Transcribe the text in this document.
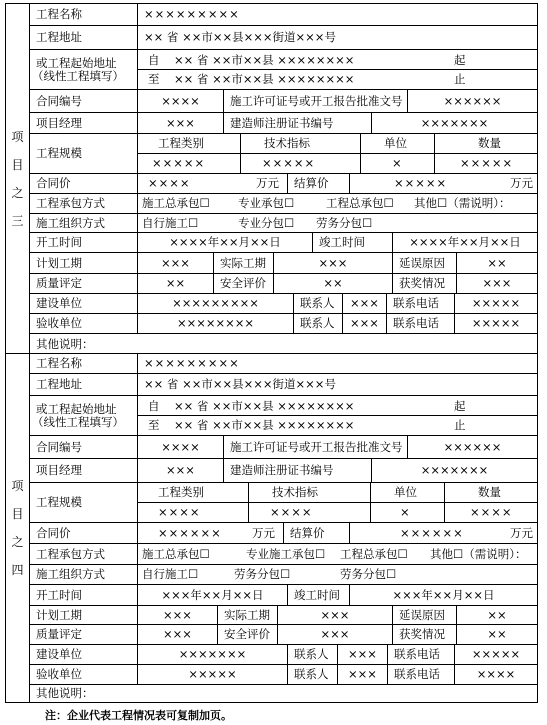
项
目
之
三
工程名称	×××××××××
工程地址	×× 省 ××市××县×××街道×××号
或工程起始地址
（线性工程填写）
自 ×× 省 ××市××县 ××××××××	起
至 ×× 省 ××市××县 ××××××××	止
合同编号	××××	施工许可证号或开工报告批准文号	××××××
项目经理	×××	建造师注册证书编号	×××××××
工程规模
工程类别	技术指标	单位	数量
×××××	×××××	×	×××××
合同价	××××	万元	结算价	×××××	万元
工程承包方式	施工总承包☐ 专业承包☐	工程总承包☐ 其他☐（需说明）：
施工组织方式	自行施工☐	专业分包☐ 劳务分包☐
开工时间	××××年××月××日	竣工时间	××××年××月××日
计划工期	×××	实际工期	×××	延误原因	××
质量评定	××	安全评价	××	获奖情况	×××
建设单位	×××××××××	联系人	×××	联系电话	×××××
验收单位	××××××××	联系人	×××	联系电话	×××××
其他说明：
项
目
之
四
工程名称	×××××××××
工程地址	×× 省 ××市××县×××街道×××号
或工程起始地址
（线性工程填写）
自 ×× 省 ××市××县 ××××××××	起
至 ×× 省 ××市××县 ××××××××	止
合同编号	××××	施工许可证号或开工报告批准文号	××××××
项目经理	×××	建造师注册证书编号	×××××××
工程规模
工程类别	技术指标	单位	数量
××××	××××	×	××××
合同价	××××××	万元	结算价	××××××	万元
工程承包方式	施工总承包☐	专业施工承包☐ 工程总承包☐ 其他☐（需说明）：
施工组织方式	自行施工☐	劳务分包☐	劳务分包☐
开工时间	×××年××月××日	竣工时间	×××年××月××日
计划工期	×××	实际工期	×××	延误原因	××
质量评定	×××	安全评价	×××	获奖情况	××
建设单位	×××××××	联系人	×××	联系电话	×××××
验收单位	×××××	联系人	×××	联系电话	××××
其他说明：
注：企业代表工程情况表可复制加页。
